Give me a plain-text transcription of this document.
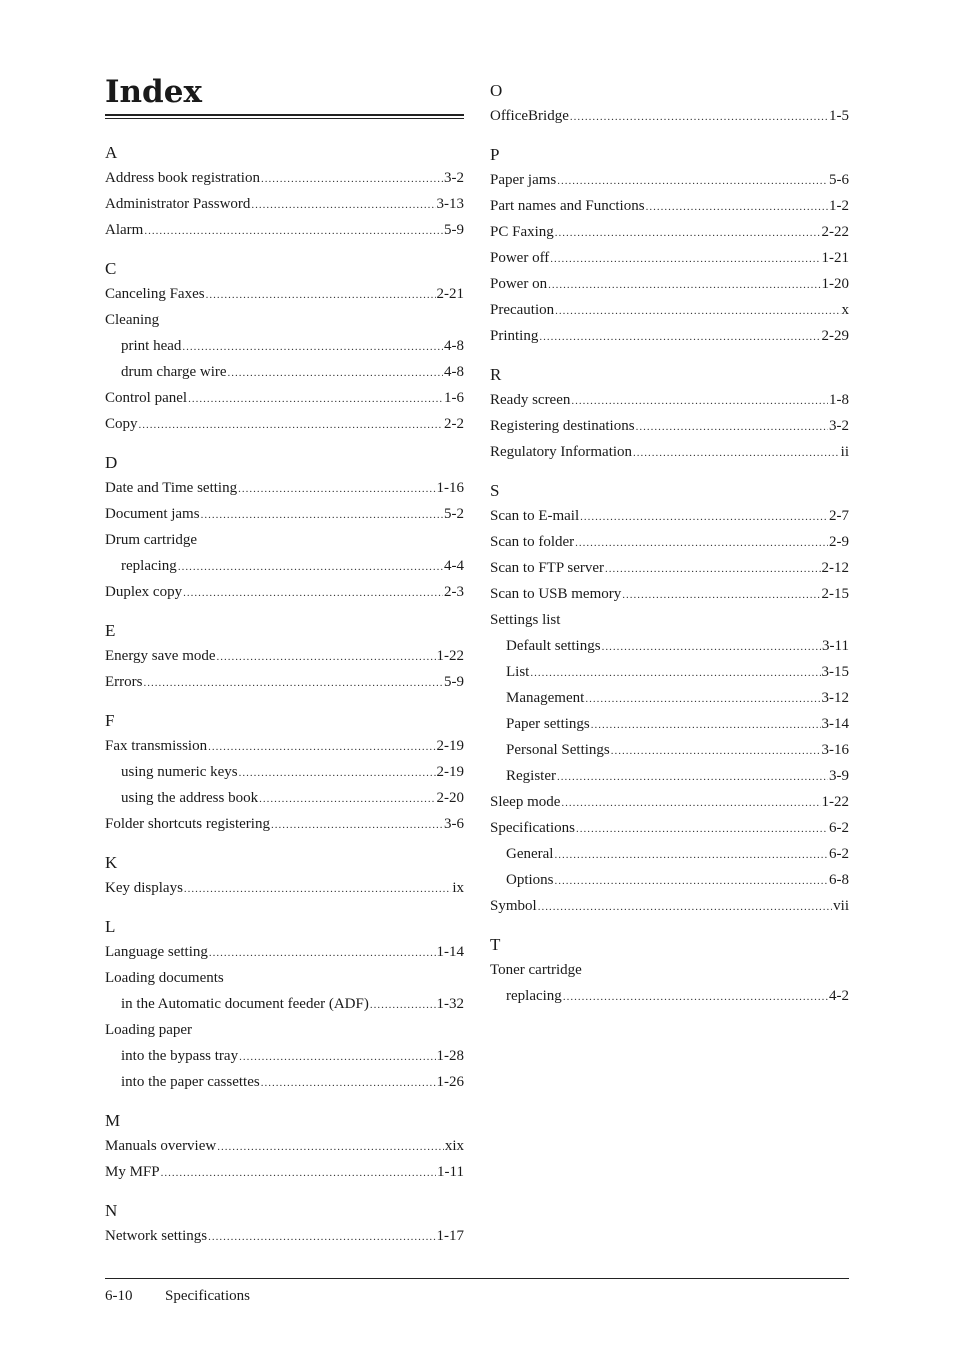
Index
A
Address book registration .....	3-2
Administrator Password .....	3-13
Alarm .....	5-9
C
Canceling Faxes .....	2-21
Cleaning
print head .....	4-8
drum charge wire .....	4-8
Control panel .....	1-6
Copy .....	2-2
D
Date and Time setting .....	1-16
Document jams .....	5-2
Drum cartridge
replacing .....	4-4
Duplex copy .....	2-3
E
Energy save mode .....	1-22
Errors .....	5-9
F
Fax transmission .....	2-19
using numeric keys .....	2-19
using the address book .....	2-20
Folder shortcuts registering .....	3-6
K
Key displays .....	ix
L
Language setting .....	1-14
Loading documents
in the Automatic document feeder (ADF) .....	1-32
Loading paper
into the bypass tray .....	1-28
into the paper cassettes .....	1-26
M
Manuals overview .....	xix
My MFP .....	1-11
N
Network settings .....	1-17
O
OfficeBridge .....	1-5
P
Paper jams .....	5-6
Part names and Functions .....	1-2
PC Faxing .....	2-22
Power off .....	1-21
Power on .....	1-20
Precaution .....	x
Printing .....	2-29
R
Ready screen .....	1-8
Registering destinations .....	3-2
Regulatory Information .....	ii
S
Scan to E-mail .....	2-7
Scan to folder .....	2-9
Scan to FTP server .....	2-12
Scan to USB memory .....	2-15
Settings list
Default settings .....	3-11
List .....	3-15
Management .....	3-12
Paper settings .....	3-14
Personal Settings .....	3-16
Register .....	3-9
Sleep mode .....	1-22
Specifications .....	6-2
General .....	6-2
Options .....	6-8
Symbol .....	vii
T
Toner cartridge
replacing .....	4-2
6-10 Specifications
